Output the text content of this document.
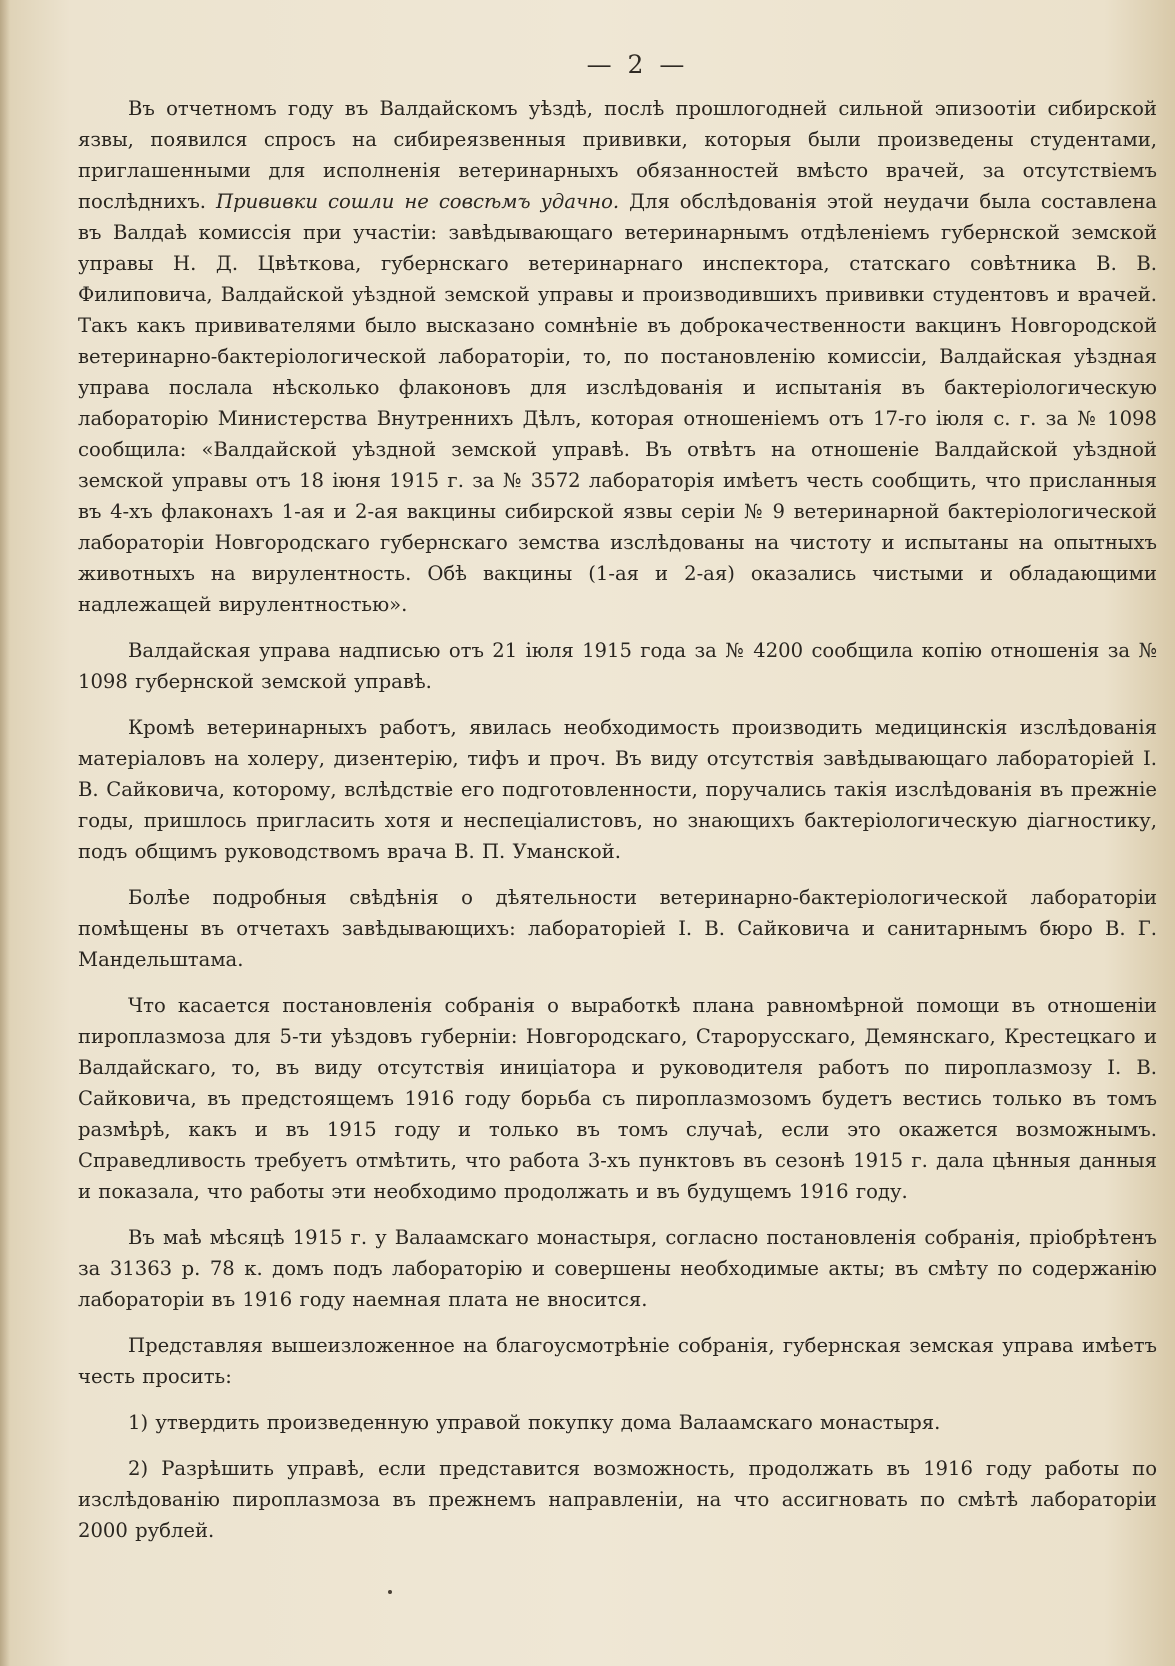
— 2 —

Въ отчетномъ году въ Валдайскомъ уѣздѣ, послѣ прошлогодней сильной эпизоотіи сибирской язвы, появился спросъ на сибиреязвенныя прививки, которыя были произведены студентами, приглашенными для исполненія ветеринарныхъ обязанностей вмѣсто врачей, за отсутствіемъ послѣднихъ. Прививки сошли не совсѣмъ удачно. Для обслѣдованія этой неудачи была составлена въ Валдаѣ комиссія при участіи: завѣдывающаго ветеринарнымъ отдѣленіемъ губернской земской управы Н. Д. Цвѣткова, губернскаго ветеринарнаго инспектора, статскаго совѣтника В. В. Филиповича, Валдайской уѣздной земской управы и производившихъ прививки студентовъ и врачей. Такъ какъ прививателями было высказано сомнѣніе въ доброкачественности вакцинъ Новгородской ветеринарно-бактеріологической лабораторіи, то, по постановленію комиссіи, Валдайская уѣздная управа послала нѣсколько флаконовъ для изслѣдованія и испытанія въ бактеріологическую лабораторію Министерства Внутреннихъ Дѣлъ, которая отношеніемъ отъ 17-го іюля с. г. за № 1098 сообщила: «Валдайской уѣздной земской управѣ. Въ отвѣтъ на отношеніе Валдайской уѣздной земской управы отъ 18 іюня 1915 г. за № 3572 лабораторія имѣетъ честь сообщить, что присланныя въ 4-хъ флаконахъ 1-ая и 2-ая вакцины сибирской язвы серіи № 9 ветеринарной бактеріологической лабораторіи Новгородскаго губернскаго земства изслѣдованы на чистоту и испытаны на опытныхъ животныхъ на вирулентность. Обѣ вакцины (1-ая и 2-ая) оказались чистыми и обладающими надлежащей вирулентностью».

Валдайская управа надписью отъ 21 іюля 1915 года за № 4200 сообщила копію отношенія за № 1098 губернской земской управѣ.

Кромѣ ветеринарныхъ работъ, явилась необходимость производить медицинскія изслѣдованія матеріаловъ на холеру, дизентерію, тифъ и проч. Въ виду отсутствія завѣдывающаго лабораторіей І. В. Сайковича, которому, вслѣдствіе его подготовленности, поручались такія изслѣдованія въ прежніе годы, пришлось пригласить хотя и неспеціалистовъ, но знающихъ бактеріологическую діагностику, подъ общимъ руководствомъ врача В. П. Уманской.

Болѣе подробныя свѣдѣнія о дѣятельности ветеринарно-бактеріологической лабораторіи помѣщены въ отчетахъ завѣдывающихъ: лабораторіей І. В. Сайковича и санитарнымъ бюро В. Г. Мандельштама.

Что касается постановленія собранія о выработкѣ плана равномѣрной помощи въ отношеніи пироплазмоза для 5-ти уѣздовъ губерніи: Новгородскаго, Старорусскаго, Демянскаго, Крестецкаго и Валдайскаго, то, въ виду отсутствія иниціатора и руководителя работъ по пироплазмозу І. В. Сайковича, въ предстоящемъ 1916 году борьба съ пироплазмозомъ будетъ вестись только въ томъ размѣрѣ, какъ и въ 1915 году и только въ томъ случаѣ, если это окажется возможнымъ. Справедливость требуетъ отмѣтить, что работа 3-хъ пунктовъ въ сезонѣ 1915 г. дала цѣнныя данныя и показала, что работы эти необходимо продолжать и въ будущемъ 1916 году.

Въ маѣ мѣсяцѣ 1915 г. у Валаамскаго монастыря, согласно постановленія собранія, пріобрѣтенъ за 31363 р. 78 к. домъ подъ лабораторію и совершены необходимые акты; въ смѣту по содержанію лабораторіи въ 1916 году наемная плата не вносится.

Представляя вышеизложенное на благоусмотрѣніе собранія, губернская земская управа имѣетъ честь просить:

1) утвердить произведенную управой покупку дома Валаамскаго монастыря.

2) Разрѣшить управѣ, если представится возможность, продолжать въ 1916 году работы по изслѣдованію пироплазмоза въ прежнемъ направленіи, на что ассигновать по смѣтѣ лабораторіи 2000 рублей.
